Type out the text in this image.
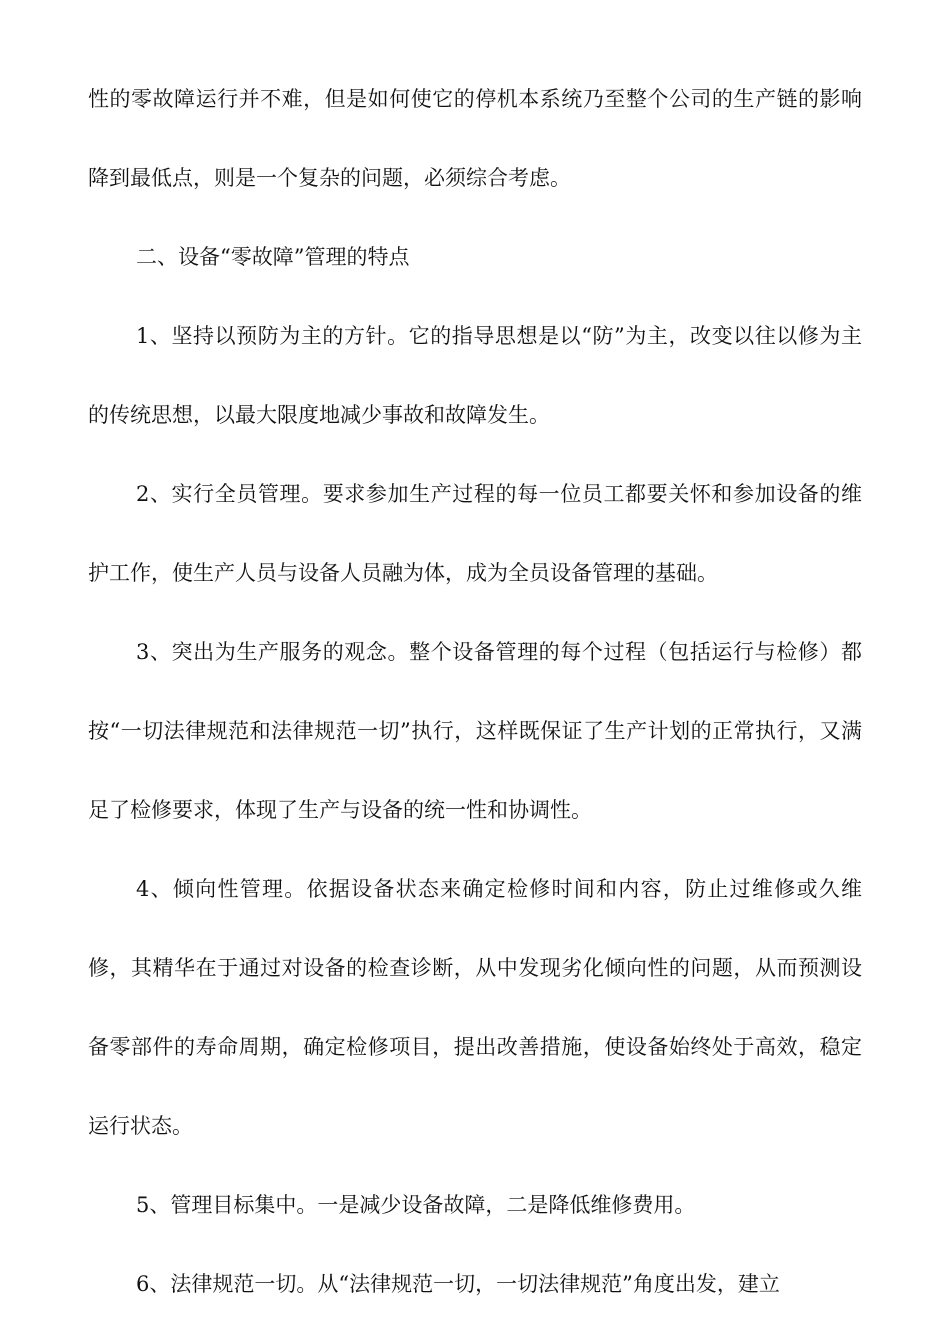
性的零故障运行并不难，但是如何使它的停机本系统乃至整个公司的生产链的影响降到最低点，则是一个复杂的问题，必须综合考虑。

二、设备“零故障”管理的特点

1、坚持以预防为主的方针。它的指导思想是以“防”为主，改变以往以修为主的传统思想，以最大限度地减少事故和故障发生。

2、实行全员管理。要求参加生产过程的每一位员工都要关怀和参加设备的维护工作，使生产人员与设备人员融为体，成为全员设备管理的基础。

3、突出为生产服务的观念。整个设备管理的每个过程（包括运行与检修）都按“一切法律规范和法律规范一切”执行，这样既保证了生产计划的正常执行，又满足了检修要求，体现了生产与设备的统一性和协调性。

4、倾向性管理。依据设备状态来确定检修时间和内容，防止过维修或久维修，其精华在于通过对设备的检查诊断，从中发现劣化倾向性的问题，从而预测设备零部件的寿命周期，确定检修项目，提出改善措施，使设备始终处于高效，稳定运行状态。

5、管理目标集中。一是减少设备故障，二是降低维修费用。

6、法律规范一切。从“法律规范一切，一切法律规范”角度出发，建立
